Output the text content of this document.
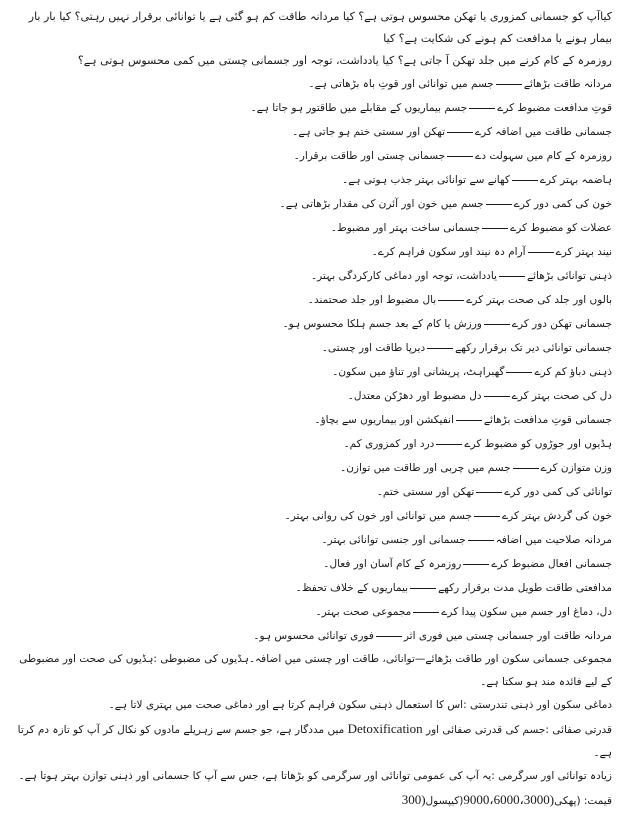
کیاآپ کو جسمانی کمزوری یا تھکن محسوس ہوتی ہے؟ کیا مردانہ طاقت کم ہو گئی ہے یا توانائی برقرار نہیں رہتی؟ کیا بار بار بیمار ہونے یا مدافعت کم ہونے کی شکایت ہے؟ کیا

روزمرہ کے کام کرنے میں جلد تھکن آ جاتی ہے؟ کیا یادداشت، توجہ اور جسمانی چستی میں کمی محسوس ہوتی ہے؟

مردانہ طاقت بڑھائےجسم میں توانائی اور قوتِ باہ بڑھاتی ہے۔
قوتِ مدافعت مضبوط کرےجسم بیماریوں کے مقابلے میں طاقتور ہو جاتا ہے۔
جسمانی طاقت میں اضافہ کرےتھکن اور سستی ختم ہو جاتی ہے۔
روزمرہ کے کام میں سہولت دےجسمانی چستی اور طاقت برقرار۔
ہاضمہ بہتر کرےکھانے سے توانائی بہتر جذب ہوتی ہے۔
خون کی کمی دور کرےجسم میں خون اور آئرن کی مقدار بڑھاتی ہے۔
عضلات کو مضبوط کرےجسمانی ساخت بہتر اور مضبوط۔
نیند بہتر کرےآرام دہ نیند اور سکون فراہم کرے۔
ذہنی توانائی بڑھائےیادداشت، توجہ اور دماغی کارکردگی بہتر۔
بالوں اور جلد کی صحت بہتر کرےبال مضبوط اور جلد صحتمند۔
جسمانی تھکن دور کرےورزش یا کام کے بعد جسم ہلکا محسوس ہو۔
جسمانی توانائی دیر تک برقرار رکھےدیرپا طاقت اور چستی۔
ذہنی دباؤ کم کرےگھبراہٹ، پریشانی اور تناؤ میں سکون۔
دل کی صحت بہتر کرےدل مضبوط اور دھڑکن معتدل۔
جسمانی قوتِ مدافعت بڑھائےانفیکشن اور بیماریوں سے بچاؤ۔
ہڈیوں اور جوڑوں کو مضبوط کرےدرد اور کمزوری کم۔
وزن متوازن کرےجسم میں چربی اور طاقت میں توازن۔
توانائی کی کمی دور کرےتھکن اور سستی ختم۔
خون کی گردش بہتر کرےجسم میں توانائی اور خون کی روانی بہتر۔
مردانہ صلاحیت میں اضافہجسمانی اور جنسی توانائی بہتر۔
جسمانی افعال مضبوط کرےروزمرہ کے کام آسان اور فعال۔
مدافعتی طاقت طویل مدت برقرار رکھےبیماریوں کے خلاف تحفظ۔
دل، دماغ اور جسم میں سکون پیدا کرےمجموعی صحت بہتر۔
مردانہ طاقت اور جسمانی چستی میں فوری اثرفوری توانائی محسوس ہو۔

مجموعی جسمانی سکون اور طاقت بڑھائے—توانائی، طاقت اور چستی میں اضافہ۔ہڈیوں کی مضبوطی :ہڈیوں کی صحت اور مضبوطی کے لیے فائدہ مند ہو سکتا ہے۔

دماغی سکون اور ذہنی تندرستی :اس کا استعمال ذہنی سکون فراہم کرتا ہے اور دماغی صحت میں بہتری لاتا ہے۔

قدرتی صفائی :جسم کی قدرتی صفائی اور Detoxification میں مددگار ہے، جو جسم سے زہریلے مادوں کو نکال کر آپ کو تازہ دم کرتا ہے۔

زیادہ توانائی اور سرگرمی :یہ آپ کی عمومی توانائی اور سرگرمی کو بڑھاتا ہے، جس سے آپ کا جسمانی اور ذہنی توازن بہتر ہوتا ہے۔

قیمت: (پھکی9000،6000،3000)(کیپسول300)
